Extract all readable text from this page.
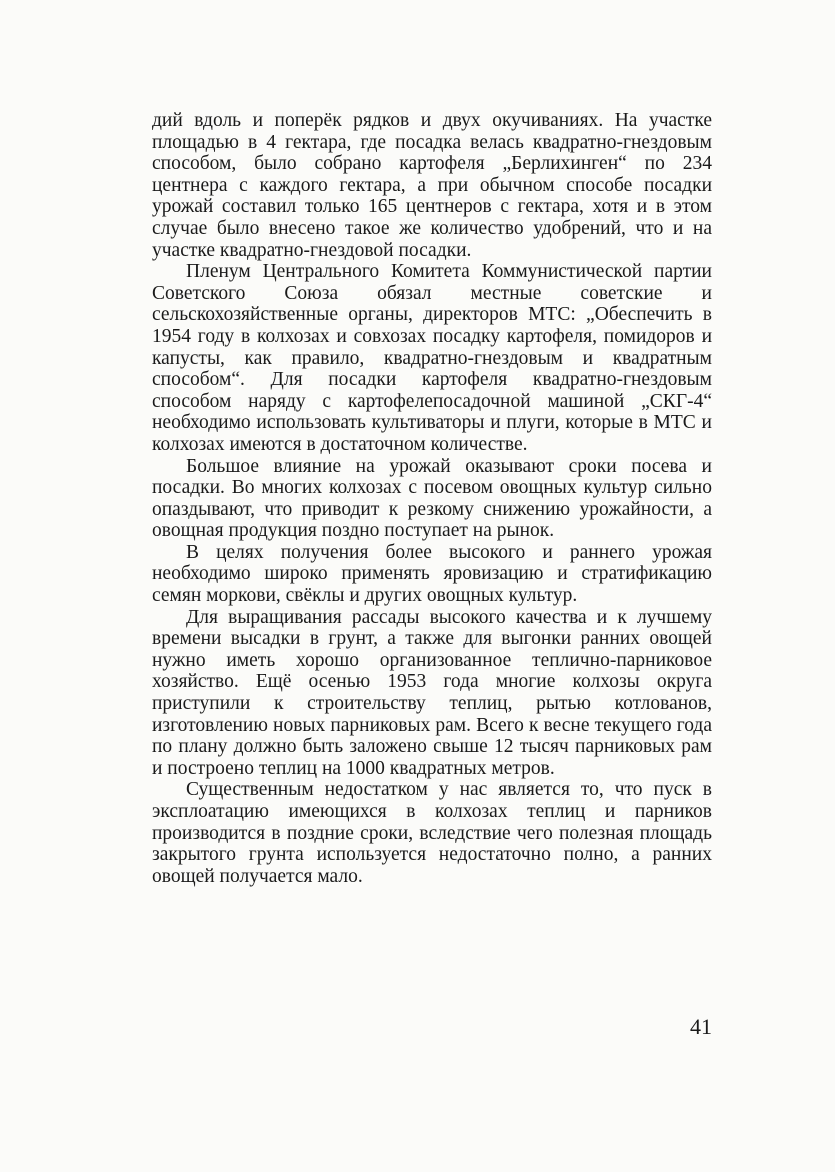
дий вдоль и поперёк рядков и двух окучиваниях. На участке площадью в 4 гектара, где посадка велась квадратно-гнездовым способом, было собрано картофеля „Берлихинген“ по 234 центнера с каждого гектара, а при обычном способе посадки урожай составил только 165 центнеров с гектара, хотя и в этом случае было внесено такое же количество удобрений, что и на участке квадратно-гнездовой посадки.

Пленум Центрального Комитета Коммунистической партии Советского Союза обязал местные советские и сельскохозяйственные органы, директоров МТС: „Обеспечить в 1954 году в колхозах и совхозах посадку картофеля, помидоров и капусты, как правило, квадратно-гнездовым и квадратным способом“. Для посадки картофеля квадратно-гнездовым способом наряду с картофелепосадочной машиной „СКГ-4“ необходимо использовать культиваторы и плуги, которые в МТС и колхозах имеются в достаточном количестве.

Большое влияние на урожай оказывают сроки посева и посадки. Во многих колхозах с посевом овощных культур сильно опаздывают, что приводит к резкому снижению урожайности, а овощная продукция поздно поступает на рынок.

В целях получения более высокого и раннего урожая необходимо широко применять яровизацию и стратификацию семян моркови, свёклы и других овощных культур.

Для выращивания рассады высокого качества и к лучшему времени высадки в грунт, а также для выгонки ранних овощей нужно иметь хорошо организованное теплично-парниковое хозяйство. Ещё осенью 1953 года многие колхозы округа приступили к строительству теплиц, рытью котлованов, изготовлению новых парниковых рам. Всего к весне текущего года по плану должно быть заложено свыше 12 тысяч парниковых рам и построено теплиц на 1000 квадратных метров.

Существенным недостатком у нас является то, что пуск в эксплоатацию имеющихся в колхозах теплиц и парников производится в поздние сроки, вследствие чего полезная площадь закрытого грунта используется недостаточно полно, а ранних овощей получается мало.

41
